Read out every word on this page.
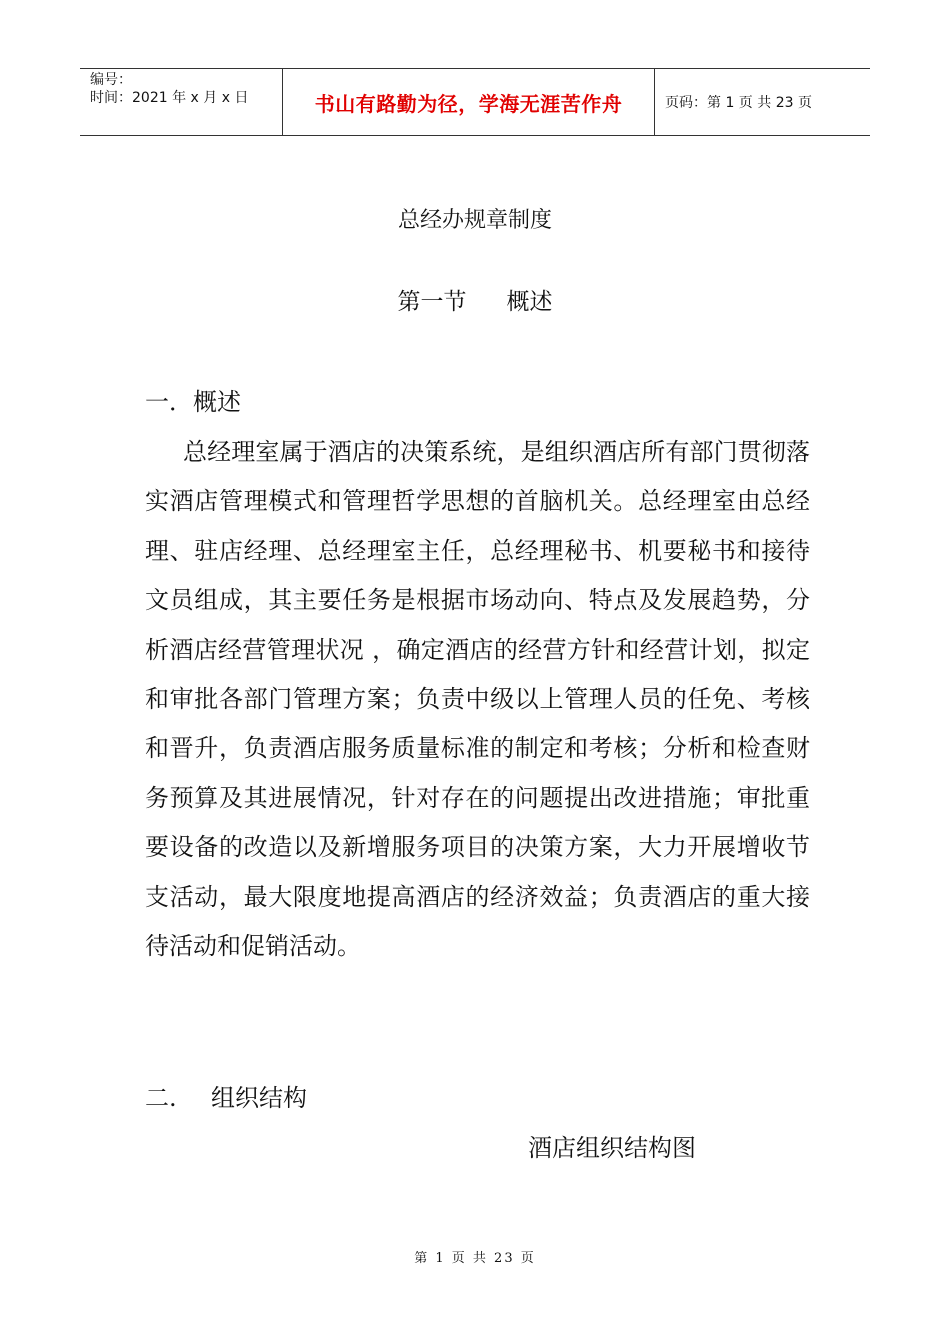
编号：
时间：2021 年 x 月 x 日	书山有路勤为径，学海无涯苦作舟	页码：第 1 页 共 23 页
总经办规章制度
第一节 概述
一．概述
总经理室属于酒店的决策系统，是组织酒店所有部门贯彻落实酒店管理模式和管理哲学思想的首脑机关。总经理室由总经理、驻店经理、总经理室主任，总经理秘书、机要秘书和接待文员组成，其主要任务是根据市场动向、特点及发展趋势，分析酒店经营管理状况 ，确定酒店的经营方针和经营计划，拟定和审批各部门管理方案；负责中级以上管理人员的任免、考核和晋升，负责酒店服务质量标准的制定和考核；分析和检查财务预算及其进展情况，针对存在的问题提出改进措施；审批重要设备的改造以及新增服务项目的决策方案，大力开展增收节支活动，最大限度地提高酒店的经济效益；负责酒店的重大接待活动和促销活动。
二. 组织结构
酒店组织结构图
第 1 页 共 23 页
